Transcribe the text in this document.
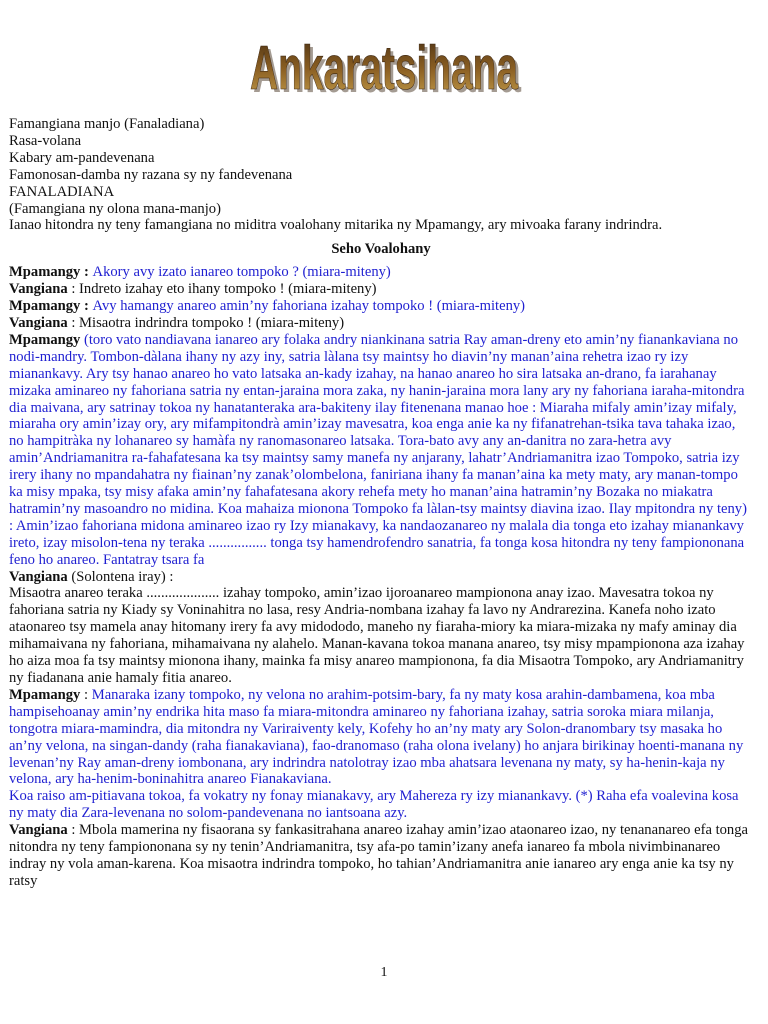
Ankaratsihana
Ankaratsihana
Famangiana manjo (Fanaladiana)
Rasa-volana
Kabary am-pandevenana
Famonosan-damba ny razana sy ny fandevenana
FANALADIANA
(Famangiana ny olona mana-manjo)
Ianao hitondra ny teny famangiana no miditra voalohany mitarika ny Mpamangy, ary mivoaka farany indrindra.
Seho Voalohany

Mpamangy : Akory avy izato ianareo tompoko ? (miara-miteny)

Vangiana : Indreto izahay eto ihany tompoko ! (miara-miteny)

Mpamangy : Avy hamangy anareo amin’ny fahoriana izahay tompoko ! (miara-miteny)

Vangiana : Misaotra indrindra tompoko ! (miara-miteny)

Mpamangy (toro vato nandiavana ianareo ary folaka andry niankinana satria Ray aman-dreny eto amin’ny fianankaviana no nodi-mandry. Tombon-dàlana ihany ny azy iny, satria làlana tsy maintsy ho diavin’ny manan’aina rehetra izao ry izy mianankavy. Ary tsy hanao anareo ho vato latsaka an-kady izahay, na hanao anareo ho sira latsaka an-drano, fa iarahanay mizaka aminareo ny fahoriana satria ny entan-jaraina mora zaka, ny hanin-jaraina mora lany ary ny fahoriana iaraha-mitondra dia maivana, ary satrinay tokoa ny hanatanteraka ara-bakiteny ilay fitenenana manao hoe : Miaraha mifaly amin’izay mifaly, miaraha ory amin’izay ory, ary mifampitondrà amin’izay mavesatra, koa enga anie ka ny fifanatrehan-tsika tava tahaka izao, no hampitràka ny lohanareo sy hamàfa ny ranomasonareo latsaka. Tora-bato avy any an-danitra no zara-hetra avy amin’Andriamanitra ra-fahafatesana ka tsy maintsy samy manefa ny anjarany, lahatr’Andriamanitra izao Tompoko, satria izy irery ihany no mpandahatra ny fiainan’ny zanak’olombelona, faniriana ihany fa manan’aina ka mety maty, ary manan-tompo ka misy mpaka, tsy misy afaka amin’ny fahafatesana akory rehefa mety ho manan’aina hatramin’ny Bozaka no miakatra hatramin’ny masoandro no midina. Koa mahaiza mionona Tompoko fa làlan-tsy maintsy diavina izao. Ilay mpitondra ny teny) : Amin’izao fahoriana midona aminareo izao ry Izy mianakavy, ka nandaozanareo ny malala dia tonga eto izahay mianankavy ireto, izay misolon-tena ny teraka ................ tonga tsy hamendrofendro sanatria, fa tonga kosa hitondra ny teny fampiononana feno ho anareo. Fantatray tsara fa

Vangiana (Solontena iray) :
Misaotra anareo teraka .................... izahay tompoko, amin’izao ijoroanareo mampionona anay izao. Mavesatra tokoa ny fahoriana satria ny Kiady sy Voninahitra no lasa, resy Andria-nombana izahay fa lavo ny Andrarezina. Kanefa noho izato ataonareo tsy mamela anay hitomany irery fa avy midododo, maneho ny fiaraha-miory ka miara-mizaka ny mafy aminay dia mihamaivana ny fahoriana, mihamaivana ny alahelo. Manan-kavana tokoa manana anareo, tsy misy mpampionona aza izahay ho aiza moa fa tsy maintsy mionona ihany, mainka fa misy anareo mampionona, fa dia Misaotra Tompoko, ary Andriamanitry ny fiadanana anie hamaly fitia anareo.

Mpamangy : Manaraka izany tompoko, ny velona no arahim-potsim-bary, fa ny maty kosa arahin-dambamena, koa mba hampisehoanay amin’ny endrika hita maso fa miara-mitondra aminareo ny fahoriana izahay, satria soroka miara milanja, tongotra miara-mamindra, dia mitondra ny Variraiventy kely, Kofehy ho an’ny maty ary Solon-dranombary tsy masaka ho an’ny velona, na singan-dandy (raha fianakaviana), fao-dranomaso (raha olona ivelany) ho anjara birikinay hoenti-manana ny levenan’ny Ray aman-dreny iombonana, ary indrindra natolotray izao mba ahatsara levenana ny maty, sy ha-henin-kaja ny velona, ary ha-henim-boninahitra anareo Fianakaviana.
Koa raiso am-pitiavana tokoa, fa vokatry ny fonay mianakavy, ary Mahereza ry izy mianankavy. (*) Raha efa voalevina kosa ny maty dia Zara-levenana no solom-pandevenana no iantsoana azy.

Vangiana : Mbola mamerina ny fisaorana sy fankasitrahana anareo izahay amin’izao ataonareo izao, ny tenananareo efa tonga nitondra ny teny fampiononana sy ny tenin’Andriamanitra, tsy afa-po tamin’izany anefa ianareo fa mbola nivimbinanareo indray ny vola aman-karena. Koa misaotra indrindra tompoko, ho tahian’Andriamanitra anie ianareo ary enga anie ka tsy ny ratsy

1
